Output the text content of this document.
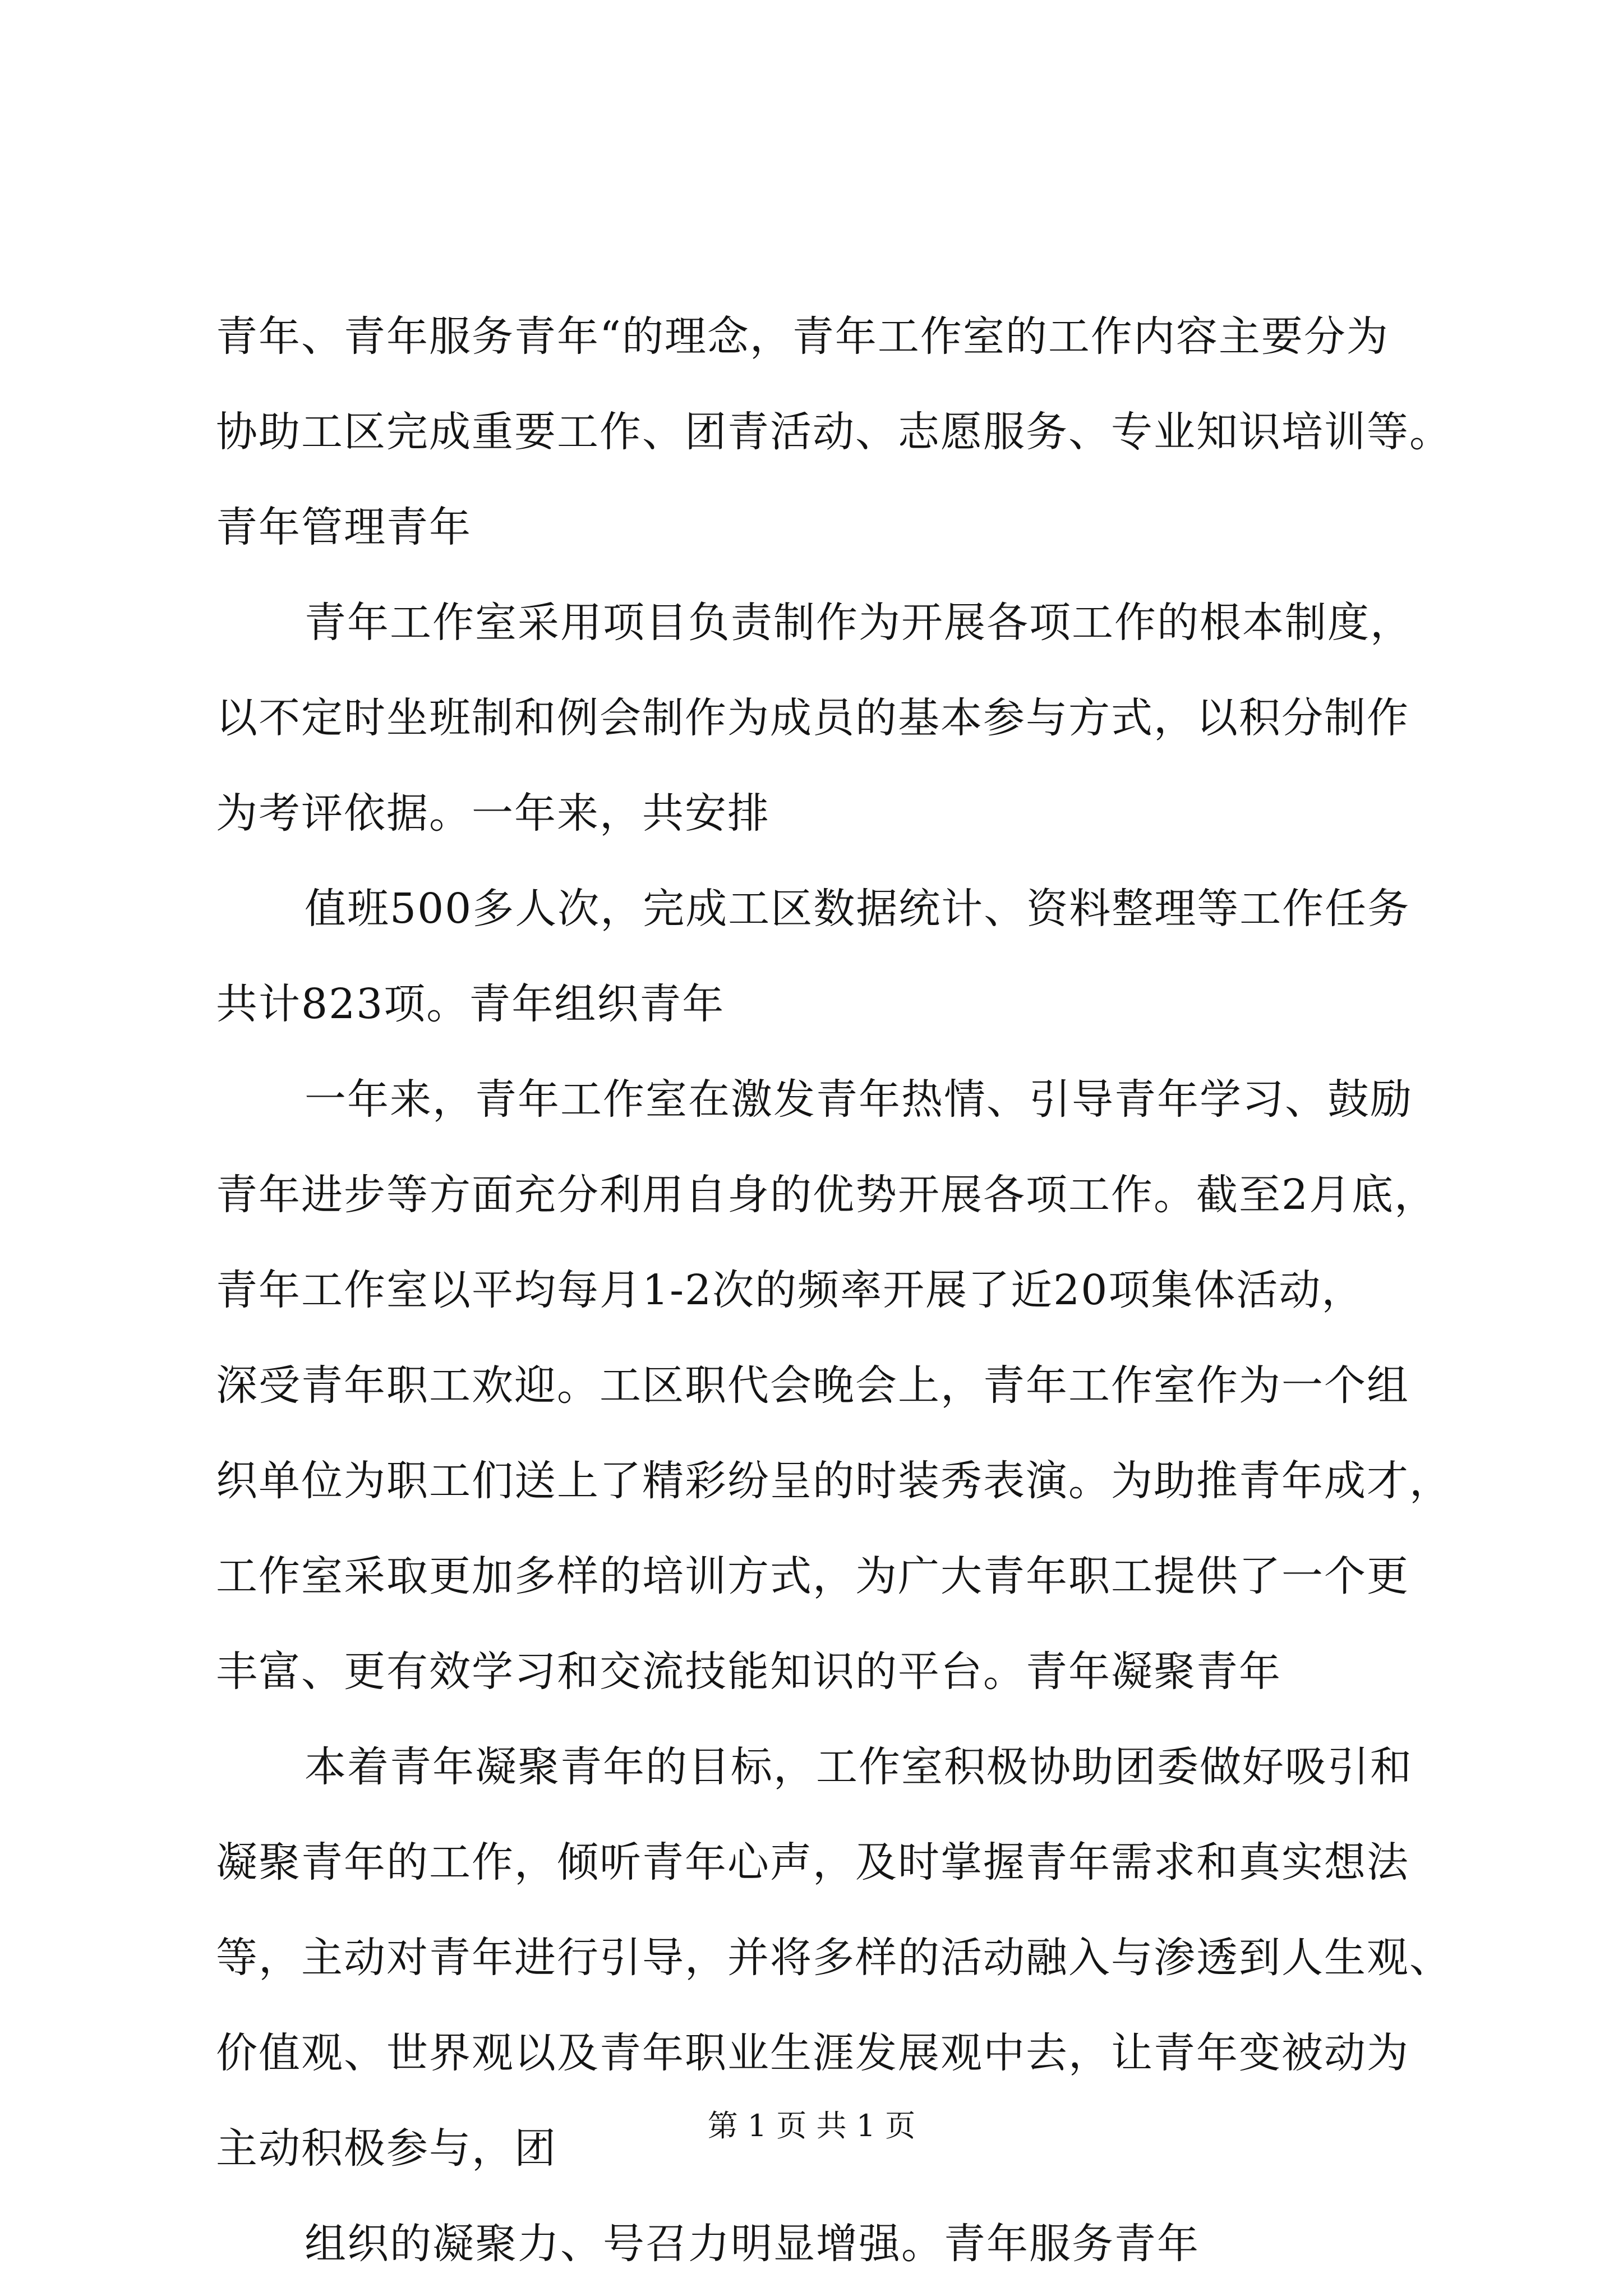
青年、青年服务青年“的理念，青年工作室的工作内容主要分为
协助工区完成重要工作、团青活动、志愿服务、专业知识培训等。
青年管理青年
青年工作室采用项目负责制作为开展各项工作的根本制度，
以不定时坐班制和例会制作为成员的基本参与方式，以积分制作
为考评依据。一年来，共安排
值班500多人次，完成工区数据统计、资料整理等工作任务
共计823项。青年组织青年
一年来，青年工作室在激发青年热情、引导青年学习、鼓励
青年进步等方面充分利用自身的优势开展各项工作。截至2月底，
青年工作室以平均每月1-2次的频率开展了近20项集体活动，
深受青年职工欢迎。工区职代会晚会上，青年工作室作为一个组
织单位为职工们送上了精彩纷呈的时装秀表演。为助推青年成才，
工作室采取更加多样的培训方式，为广大青年职工提供了一个更
丰富、更有效学习和交流技能知识的平台。青年凝聚青年
本着青年凝聚青年的目标，工作室积极协助团委做好吸引和
凝聚青年的工作，倾听青年心声，及时掌握青年需求和真实想法
等，主动对青年进行引导，并将多样的活动融入与渗透到人生观、
价值观、世界观以及青年职业生涯发展观中去，让青年变被动为
主动积极参与，团
组织的凝聚力、号召力明显增强。青年服务青年
第 1 页 共 1 页
